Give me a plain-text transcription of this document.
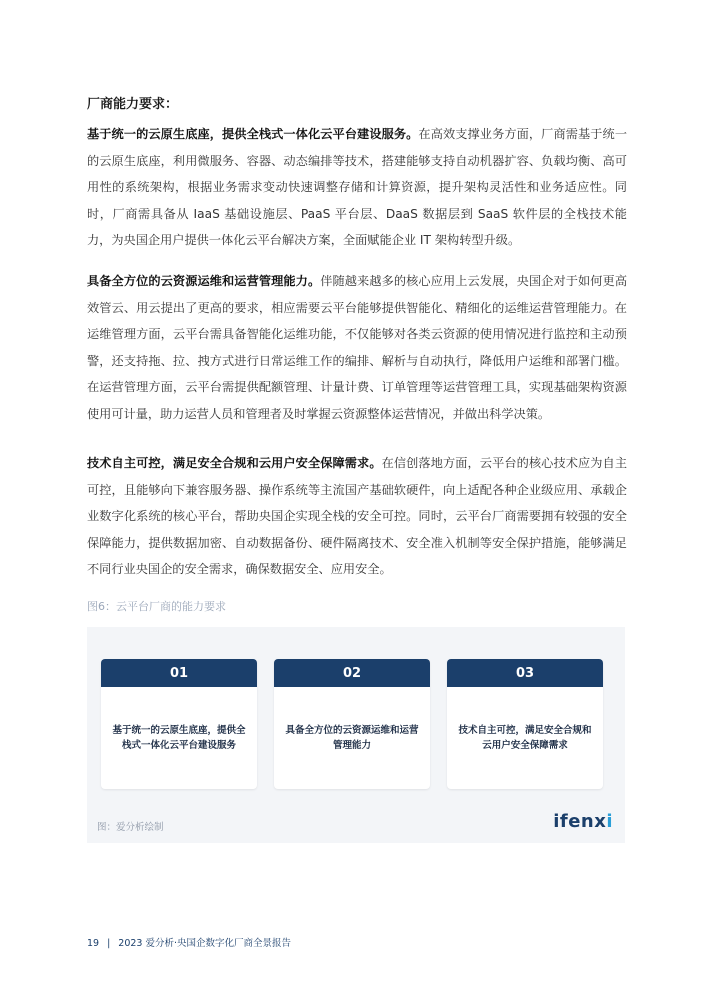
厂商能力要求：
基于统一的云原生底座，提供全栈式一体化云平台建设服务。在高效支撑业务方面，厂商需基于统一的云原生底座，利用微服务、容器、动态编排等技术，搭建能够支持自动机器扩容、负载均衡、高可用性的系统架构，根据业务需求变动快速调整存储和计算资源，提升架构灵活性和业务适应性。同时，厂商需具备从 IaaS 基础设施层、PaaS 平台层、DaaS 数据层到 SaaS 软件层的全栈技术能力，为央国企用户提供一体化云平台解决方案，全面赋能企业 IT 架构转型升级。
具备全方位的云资源运维和运营管理能力。伴随越来越多的核心应用上云发展，央国企对于如何更高效管云、用云提出了更高的要求，相应需要云平台能够提供智能化、精细化的运维运营管理能力。在运维管理方面，云平台需具备智能化运维功能，不仅能够对各类云资源的使用情况进行监控和主动预警，还支持拖、拉、拽方式进行日常运维工作的编排、解析与自动执行，降低用户运维和部署门槛。在运营管理方面，云平台需提供配额管理、计量计费、订单管理等运营管理工具，实现基础架构资源使用可计量，助力运营人员和管理者及时掌握云资源整体运营情况，并做出科学决策。
技术自主可控，满足安全合规和云用户安全保障需求。在信创落地方面，云平台的核心技术应为自主可控，且能够向下兼容服务器、操作系统等主流国产基础软硬件，向上适配各种企业级应用、承载企业数字化系统的核心平台，帮助央国企实现全栈的安全可控。同时，云平台厂商需要拥有较强的安全保障能力，提供数据加密、自动数据备份、硬件隔离技术、安全准入机制等安全保护措施，能够满足不同行业央国企的安全需求，确保数据安全、应用安全。
图6：云平台厂商的能力要求
01
基于统一的云原生底座，提供全栈式一体化云平台建设服务
02
具备全方位的云资源运维和运营管理能力
03
技术自主可控，满足安全合规和云用户安全保障需求
图：爱分析绘制	ifenxi
19 | 2023 爱分析·央国企数字化厂商全景报告
